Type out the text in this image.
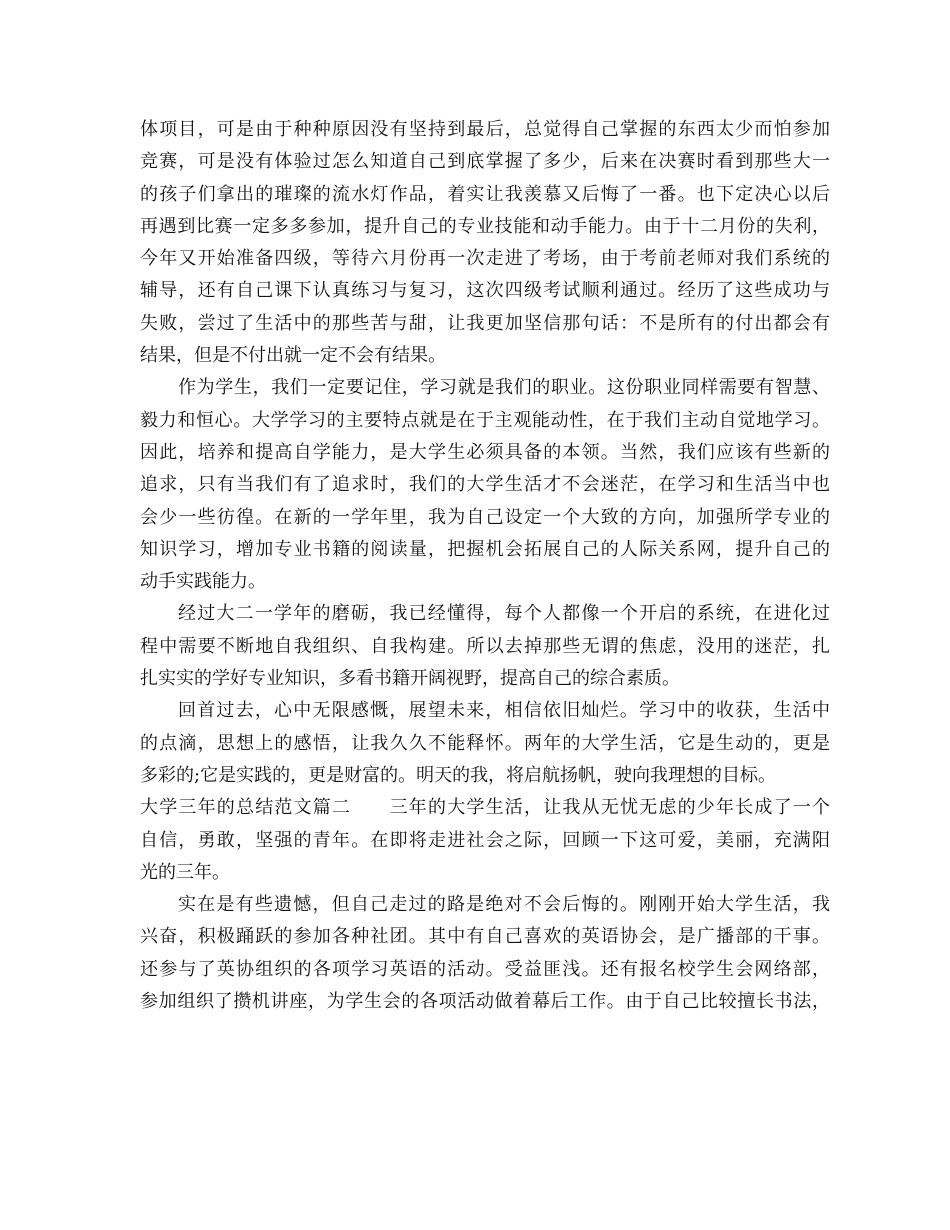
体项目，可是由于种种原因没有坚持到最后，总觉得自己掌握的东西太少而怕参加
竞赛，可是没有体验过怎么知道自己到底掌握了多少，后来在决赛时看到那些大一
的孩子们拿出的璀璨的流水灯作品，着实让我羡慕又后悔了一番。也下定决心以后
再遇到比赛一定多多参加，提升自己的专业技能和动手能力。由于十二月份的失利，
今年又开始准备四级，等待六月份再一次走进了考场，由于考前老师对我们系统的
辅导，还有自己课下认真练习与复习，这次四级考试顺利通过。经历了这些成功与
失败，尝过了生活中的那些苦与甜，让我更加坚信那句话：不是所有的付出都会有
结果，但是不付出就一定不会有结果。
作为学生，我们一定要记住，学习就是我们的职业。这份职业同样需要有智慧、
毅力和恒心。大学学习的主要特点就是在于主观能动性，在于我们主动自觉地学习。
因此，培养和提高自学能力，是大学生必须具备的本领。当然，我们应该有些新的
追求，只有当我们有了追求时，我们的大学生活才不会迷茫，在学习和生活当中也
会少一些彷徨。在新的一学年里，我为自己设定一个大致的方向，加强所学专业的
知识学习，增加专业书籍的阅读量，把握机会拓展自己的人际关系网，提升自己的
动手实践能力。
经过大二一学年的磨砺，我已经懂得，每个人都像一个开启的系统，在进化过
程中需要不断地自我组织、自我构建。所以去掉那些无谓的焦虑，没用的迷茫，扎
扎实实的学好专业知识，多看书籍开阔视野，提高自己的综合素质。
回首过去，心中无限感慨，展望未来，相信依旧灿烂。学习中的收获，生活中
的点滴，思想上的感悟，让我久久不能释怀。两年的大学生活，它是生动的，更是
多彩的;它是实践的，更是财富的。明天的我，将启航扬帆，驶向我理想的目标。
大学三年的总结范文篇二　　三年的大学生活，让我从无忧无虑的少年长成了一个
自信，勇敢，坚强的青年。在即将走进社会之际，回顾一下这可爱，美丽，充满阳
光的三年。
实在是有些遗憾，但自己走过的路是绝对不会后悔的。刚刚开始大学生活，我
兴奋，积极踊跃的参加各种社团。其中有自己喜欢的英语协会，是广播部的干事。
还参与了英协组织的各项学习英语的活动。受益匪浅。还有报名校学生会网络部，
参加组织了攒机讲座，为学生会的各项活动做着幕后工作。由于自己比较擅长书法，
